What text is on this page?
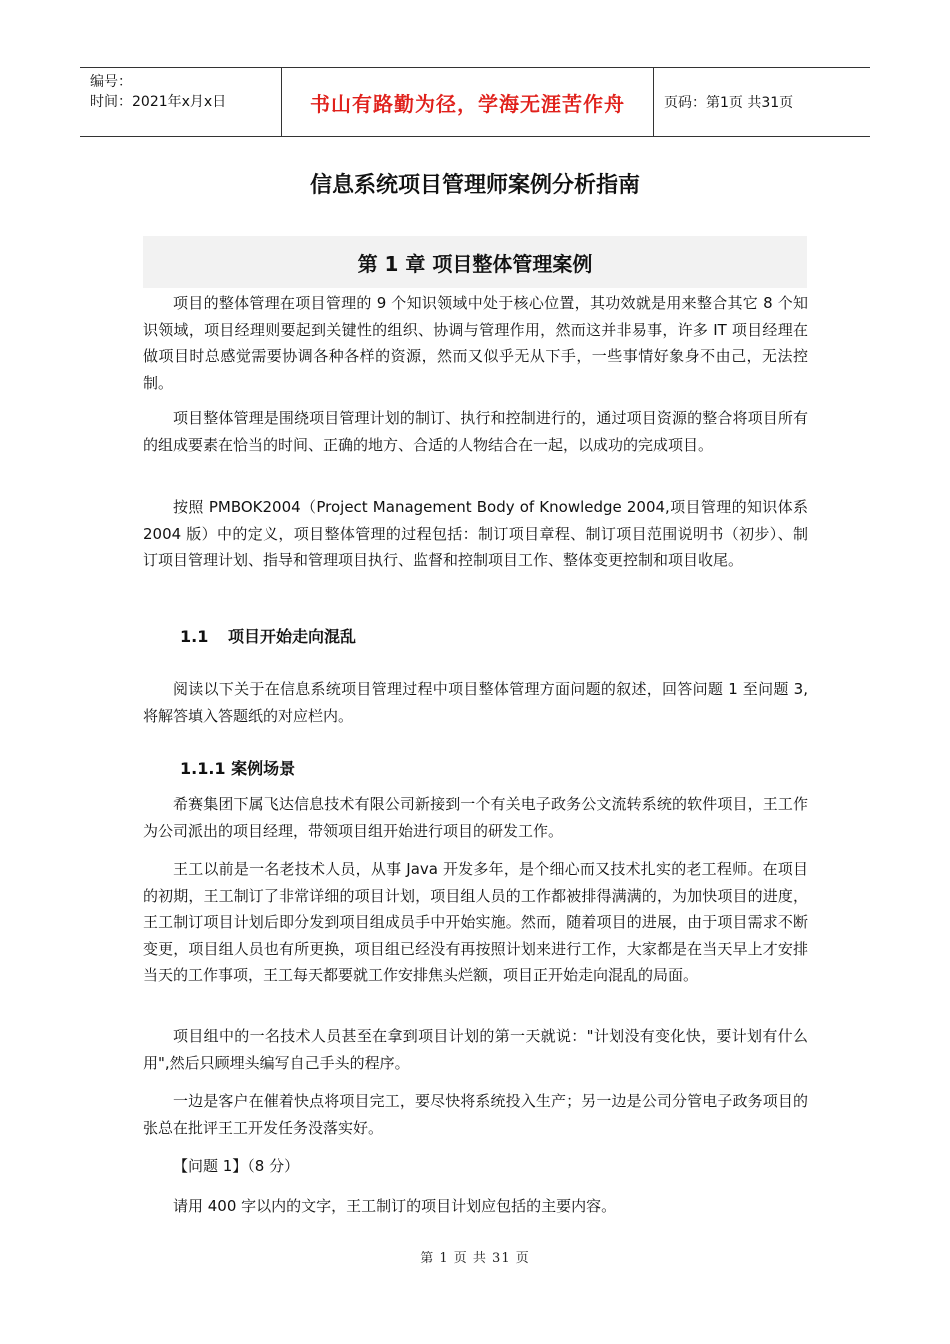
编号：
时间：2021年x月x日	书山有路勤为径，学海无涯苦作舟	页码：第1页 共31页
信息系统项目管理师案例分析指南
第 1 章 项目整体管理案例

项目的整体管理在项目管理的 9 个知识领域中处于核心位置，其功效就是用来整合其它 8 个知识领域，项目经理则要起到关键性的组织、协调与管理作用，然而这并非易事，许多 IT 项目经理在做项目时总感觉需要协调各种各样的资源，然而又似乎无从下手，一些事情好象身不由己，无法控制。

项目整体管理是围绕项目管理计划的制订、执行和控制进行的，通过项目资源的整合将项目所有的组成要素在恰当的时间、正确的地方、合适的人物结合在一起，以成功的完成项目。

按照 PMBOK2004（Project Management Body of Knowledge 2004,项目管理的知识体系 2004 版）中的定义，项目整体管理的过程包括：制订项目章程、制订项目范围说明书（初步）、制订项目管理计划、指导和管理项目执行、监督和控制项目工作、整体变更控制和项目收尾。

1.1 项目开始走向混乱

阅读以下关于在信息系统项目管理过程中项目整体管理方面问题的叙述，回答问题 1 至问题 3,将解答填入答题纸的对应栏内。

1.1.1 案例场景

希赛集团下属飞达信息技术有限公司新接到一个有关电子政务公文流转系统的软件项目，王工作为公司派出的项目经理，带领项目组开始进行项目的研发工作。

王工以前是一名老技术人员，从事 Java 开发多年，是个细心而又技术扎实的老工程师。在项目的初期，王工制订了非常详细的项目计划，项目组人员的工作都被排得满满的，为加快项目的进度，王工制订项目计划后即分发到项目组成员手中开始实施。然而，随着项目的进展，由于项目需求不断变更，项目组人员也有所更换，项目组已经没有再按照计划来进行工作，大家都是在当天早上才安排当天的工作事项，王工每天都要就工作安排焦头烂额，项目正开始走向混乱的局面。

项目组中的一名技术人员甚至在拿到项目计划的第一天就说："计划没有变化快，要计划有什么用",然后只顾埋头编写自己手头的程序。

一边是客户在催着快点将项目完工，要尽快将系统投入生产；另一边是公司分管电子政务项目的张总在批评王工开发任务没落实好。

【问题 1】（8 分）

请用 400 字以内的文字，王工制订的项目计划应包括的主要内容。

第 1 页 共 31 页
